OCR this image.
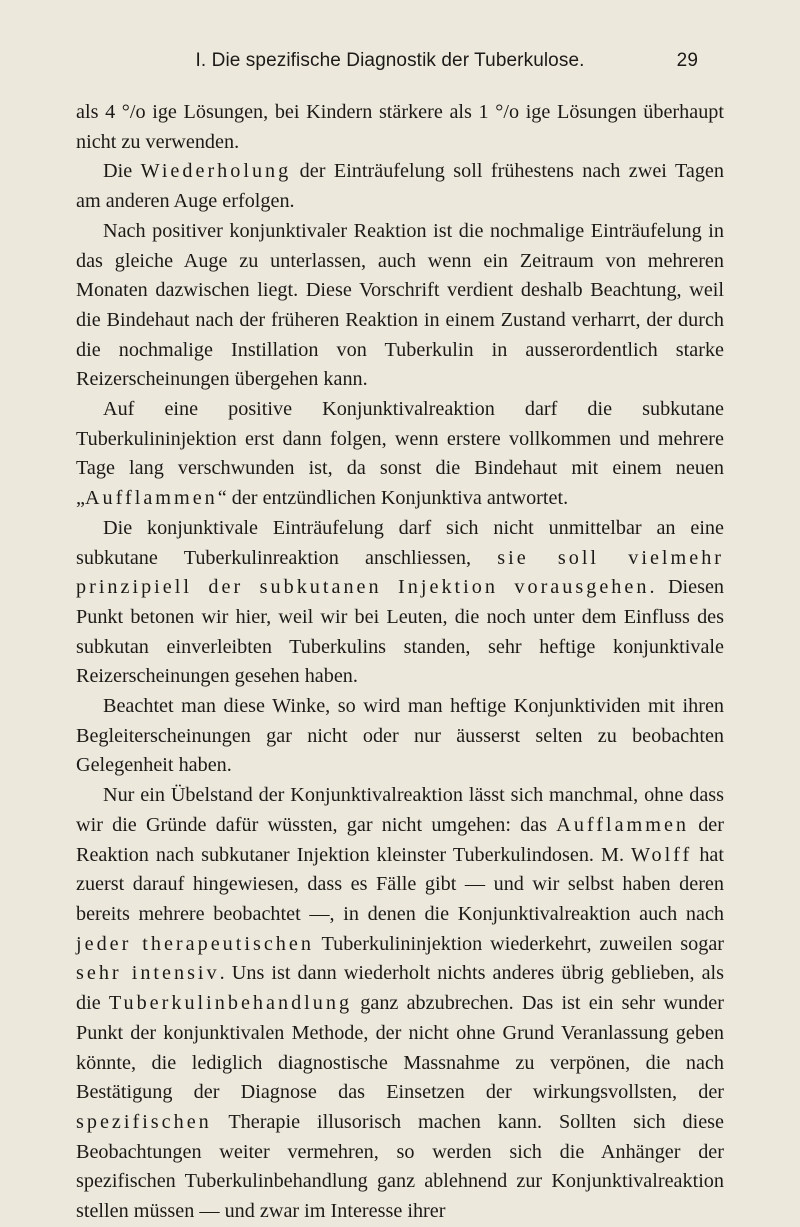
I. Die spezifische Diagnostik der Tuberkulose.	29

als 4 °/o ige Lösungen, bei Kindern stärkere als 1 °/o ige Lösungen überhaupt nicht zu verwenden.

Die Wiederholung der Einträufelung soll frühestens nach zwei Tagen am anderen Auge erfolgen.

Nach positiver konjunktivaler Reaktion ist die nochmalige Einträufelung in das gleiche Auge zu unterlassen, auch wenn ein Zeitraum von mehreren Monaten dazwischen liegt. Diese Vorschrift verdient deshalb Beachtung, weil die Bindehaut nach der früheren Reaktion in einem Zustand verharrt, der durch die nochmalige Instillation von Tuberkulin in ausserordentlich starke Reizerscheinungen übergehen kann.

Auf eine positive Konjunktivalreaktion darf die subkutane Tuberkulininjektion erst dann folgen, wenn erstere vollkommen und mehrere Tage lang verschwunden ist, da sonst die Bindehaut mit einem neuen „Aufflammen“ der entzündlichen Konjunktiva antwortet.

Die konjunktivale Einträufelung darf sich nicht unmittelbar an eine subkutane Tuberkulinreaktion anschliessen, sie soll vielmehr prinzipiell der subkutanen Injektion vorausgehen. Diesen Punkt betonen wir hier, weil wir bei Leuten, die noch unter dem Einfluss des subkutan einverleibten Tuberkulins standen, sehr heftige konjunktivale Reizerscheinungen gesehen haben.

Beachtet man diese Winke, so wird man heftige Konjunktividen mit ihren Begleiterscheinungen gar nicht oder nur äusserst selten zu beobachten Gelegenheit haben.

Nur ein Übelstand der Konjunktivalreaktion lässt sich manchmal, ohne dass wir die Gründe dafür wüssten, gar nicht umgehen: das Aufflammen der Reaktion nach subkutaner Injektion kleinster Tuberkulindosen. M. Wolff hat zuerst darauf hingewiesen, dass es Fälle gibt — und wir selbst haben deren bereits mehrere beobachtet —, in denen die Konjunktivalreaktion auch nach jeder therapeutischen Tuberkulininjektion wiederkehrt, zuweilen sogar sehr intensiv. Uns ist dann wiederholt nichts anderes übrig geblieben, als die Tuberkulinbehandlung ganz abzubrechen. Das ist ein sehr wunder Punkt der konjunktivalen Methode, der nicht ohne Grund Veranlassung geben könnte, die lediglich diagnostische Massnahme zu verpönen, die nach Bestätigung der Diagnose das Einsetzen der wirkungsvollsten, der spezifischen Therapie illusorisch machen kann. Sollten sich diese Beobachtungen weiter vermehren, so werden sich die Anhänger der spezifischen Tuberkulinbehandlung ganz ablehnend zur Konjunktivalreaktion stellen müssen — und zwar im Interesse ihrer
